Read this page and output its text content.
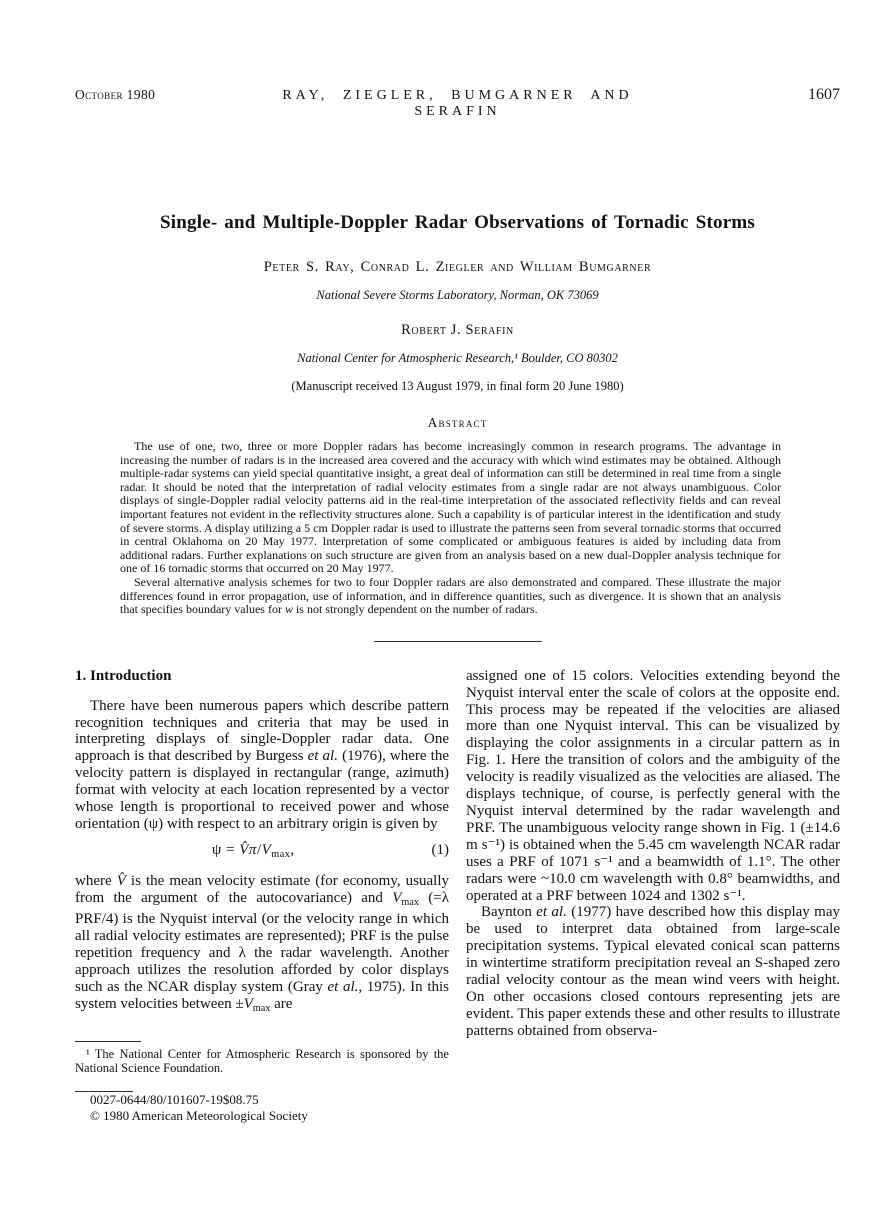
October 1980	RAY, ZIEGLER, BUMGARNER AND SERAFIN
1607
Single- and Multiple-Doppler Radar Observations of Tornadic Storms
Peter S. Ray, Conrad L. Ziegler and William Bumgarner
National Severe Storms Laboratory, Norman, OK 73069
Robert J. Serafin
National Center for Atmospheric Research,¹ Boulder, CO 80302
(Manuscript received 13 August 1979, in final form 20 June 1980)
Abstract

The use of one, two, three or more Doppler radars has become increasingly common in research programs. The advantage in increasing the number of radars is in the increased area covered and the accuracy with which wind estimates may be obtained. Although multiple-radar systems can yield special quantitative insight, a great deal of information can still be determined in real time from a single radar. It should be noted that the interpretation of radial velocity estimates from a single radar are not always unambiguous. Color displays of single-Doppler radial velocity patterns aid in the real-time interpretation of the associated reflectivity fields and can reveal important features not evident in the reflectivity structures alone. Such a capability is of particular interest in the identification and study of severe storms. A display utilizing a 5 cm Doppler radar is used to illustrate the patterns seen from several tornadic storms that occurred in central Oklahoma on 20 May 1977. Interpretation of some complicated or ambiguous features is aided by including data from additional radars. Further explanations on such structure are given from an analysis based on a new dual-Doppler analysis technique for one of 16 tornadic storms that occurred on 20 May 1977.

Several alternative analysis schemes for two to four Doppler radars are also demonstrated and compared. These illustrate the major differences found in error propagation, use of information, and in difference quantities, such as divergence. It is shown that an analysis that specifies boundary values for w is not strongly dependent on the number of radars.

1. Introduction

There have been numerous papers which describe pattern recognition techniques and criteria that may be used in interpreting displays of single-Doppler radar data. One approach is that described by Burgess et al. (1976), where the velocity pattern is displayed in rectangular (range, azimuth) format with velocity at each location represented by a vector whose length is proportional to received power and whose orientation (ψ) with respect to an arbitrary origin is given by

ψ = V̂π/Vmax,	(1)

where V̂ is the mean velocity estimate (for economy, usually from the argument of the autocovariance) and Vmax (=λ PRF/4) is the Nyquist interval (or the velocity range in which all radial velocity estimates are represented); PRF is the pulse repetition frequency and λ the radar wavelength. Another approach utilizes the resolution afforded by color displays such as the NCAR display system (Gray et al., 1975). In this system velocities between ±Vmax are

¹ The National Center for Atmospheric Research is sponsored by the National Science Foundation.

0027-0644/80/101607-19$08.75

© 1980 American Meteorological Society

assigned one of 15 colors. Velocities extending beyond the Nyquist interval enter the scale of colors at the opposite end. This process may be repeated if the velocities are aliased more than one Nyquist interval. This can be visualized by displaying the color assignments in a circular pattern as in Fig. 1. Here the transition of colors and the ambiguity of the velocity is readily visualized as the velocities are aliased. The displays technique, of course, is perfectly general with the Nyquist interval determined by the radar wavelength and PRF. The unambiguous velocity range shown in Fig. 1 (±14.6 m s⁻¹) is obtained when the 5.45 cm wavelength NCAR radar uses a PRF of 1071 s⁻¹ and a beamwidth of 1.1°. The other radars were ~10.0 cm wavelength with 0.8° beamwidths, and operated at a PRF between 1024 and 1302 s⁻¹.

Baynton et al. (1977) have described how this display may be used to interpret data obtained from large-scale precipitation systems. Typical elevated conical scan patterns in wintertime stratiform precipitation reveal an S-shaped zero radial velocity contour as the mean wind veers with height. On other occasions closed contours representing jets are evident. This paper extends these and other results to illustrate patterns obtained from observa-
